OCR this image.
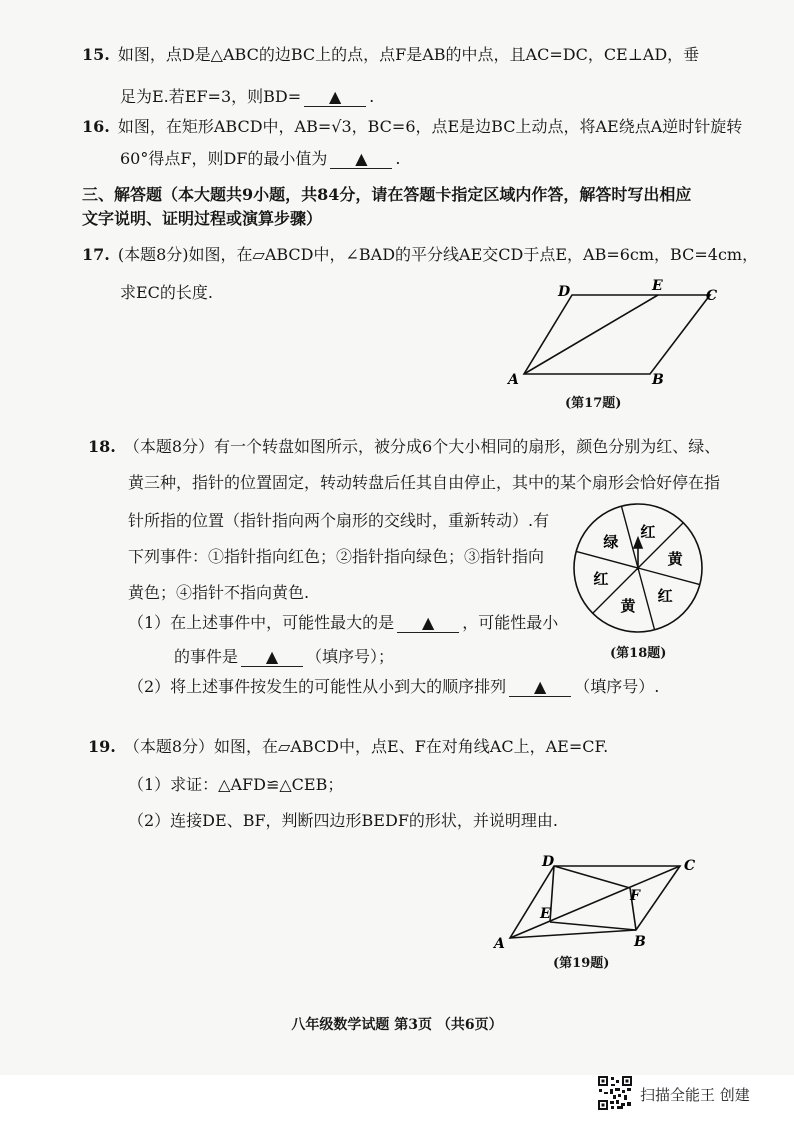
15. 如图，点D是△ABC的边BC上的点，点F是AB的中点，且AC=DC，CE⊥AD，垂
足为E.若EF=3，则BD= ▲ .
16. 如图，在矩形ABCD中，AB=√3，BC=6，点E是边BC上动点，将AE绕点A逆时针旋转
60°得点F，则DF的最小值为 ▲ .
三、解答题（本大题共9小题，共84分，请在答题卡指定区域内作答，解答时写出相应
文字说明、证明过程或演算步骤）
17. (本题8分)如图，在▱ABCD中，∠BAD的平分线AE交CD于点E，AB=6cm，BC=4cm，
求EC的长度.
A	B
C
D	E
(第17题)
18. （本题8分）有一个转盘如图所示，被分成6个大小相同的扇形，颜色分别为红、绿、
黄三种，指针的位置固定，转动转盘后任其自由停止，其中的某个扇形会恰好停在指
针所指的位置（指针指向两个扇形的交线时，重新转动）.有
下列事件：①指针指向红色；②指针指向绿色；③指针指向
黄色；④指针不指向黄色.
（1）在上述事件中，可能性最大的是 ▲ ，可能性最小
的事件是 ▲ （填序号）；
（2）将上述事件按发生的可能性从小到大的顺序排列 ▲ （填序号）.
绿
红
黄
红
黄
红
(第18题)
19. （本题8分）如图，在▱ABCD中，点E、F在对角线AC上，AE=CF.
（1）求证：△AFD≌△CEB；
（2）连接DE、BF，判断四边形BEDF的形状，并说明理由.
A	B
C
D
E
F
(第19题)
八年级数学试题 第3页 （共6页）
扫描全能王 创建
